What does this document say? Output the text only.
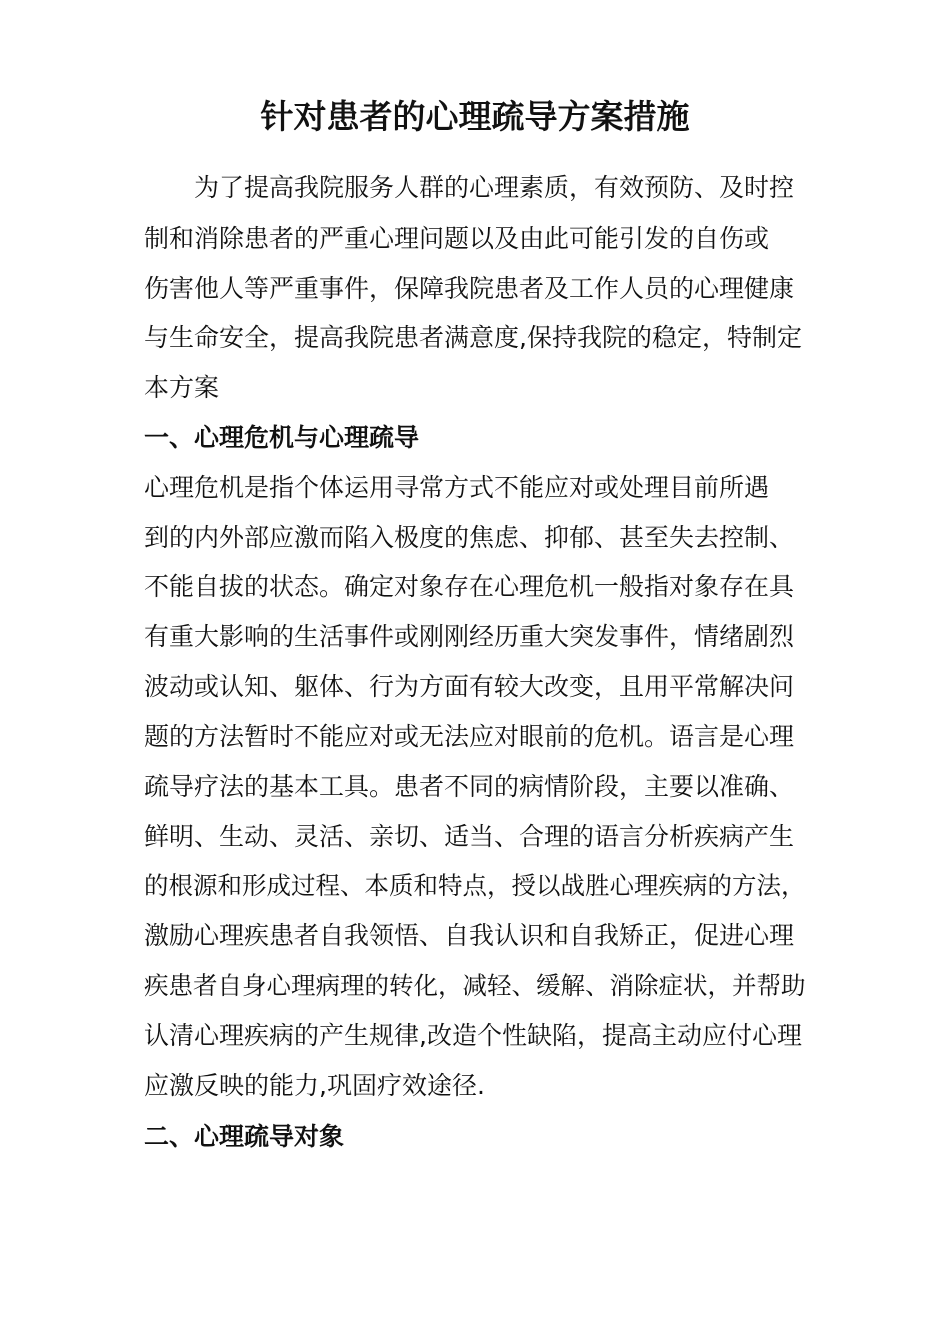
针对患者的心理疏导方案措施
为了提高我院服务人群的心理素质，有效预防、及时控
制和消除患者的严重心理问题以及由此可能引发的自伤或
伤害他人等严重事件，保障我院患者及工作人员的心理健康
与生命安全，提高我院患者满意度,保持我院的稳定，特制定
本方案
一、心理危机与心理疏导
心理危机是指个体运用寻常方式不能应对或处理目前所遇
到的内外部应激而陷入极度的焦虑、抑郁、甚至失去控制、
不能自拔的状态。确定对象存在心理危机一般指对象存在具
有重大影响的生活事件或刚刚经历重大突发事件，情绪剧烈
波动或认知、躯体、行为方面有较大改变，且用平常解决问
题的方法暂时不能应对或无法应对眼前的危机。语言是心理
疏导疗法的基本工具。患者不同的病情阶段，主要以准确、
鲜明、生动、灵活、亲切、适当、合理的语言分析疾病产生
的根源和形成过程、本质和特点，授以战胜心理疾病的方法，
激励心理疾患者自我领悟、自我认识和自我矫正，促进心理
疾患者自身心理病理的转化，减轻、缓解、消除症状，并帮助
认清心理疾病的产生规律,改造个性缺陷，提高主动应付心理
应激反映的能力,巩固疗效途径.
二、心理疏导对象
